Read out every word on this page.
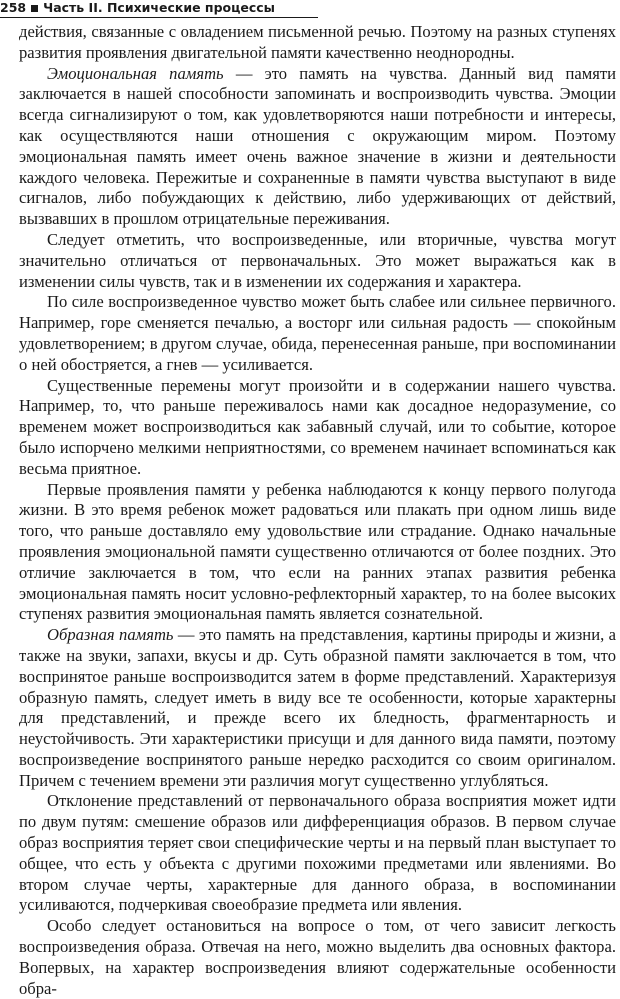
258 Часть II. Психические процессы

действия, связанные с овладением письменной речью. Поэтому на разных ступенях развития проявления двигательной памяти качественно неоднородны.

Эмоциональная память — это память на чувства. Данный вид памяти заключается в нашей способности запоминать и воспроизводить чувства. Эмоции всегда сигнализируют о том, как удовлетворяются наши потребности и интересы, как осуществляются наши отношения с окружающим миром. Поэтому эмоциональная память имеет очень важное значение в жизни и деятельности каждого человека. Пережитые и сохраненные в памяти чувства выступают в виде сигналов, либо побуждающих к действию, либо удерживающих от действий, вызвавших в прошлом отрицательные переживания.

Следует отметить, что воспроизведенные, или вторичные, чувства могут значительно отличаться от первоначальных. Это может выражаться как в изменении силы чувств, так и в изменении их содержания и характера.

По силе воспроизведенное чувство может быть слабее или сильнее первичного. Например, горе сменяется печалью, а восторг или сильная радость — спокойным удовлетворением; в другом случае, обида, перенесенная раньше, при воспоминании о ней обостряется, а гнев — усиливается.

Существенные перемены могут произойти и в содержании нашего чувства. Например, то, что раньше переживалось нами как досадное недоразумение, со временем может воспроизводиться как забавный случай, или то событие, которое было испорчено мелкими неприятностями, со временем начинает вспоминаться как весьма приятное.

Первые проявления памяти у ребенка наблюдаются к концу первого полугода жизни. В это время ребенок может радоваться или плакать при одном лишь виде того, что раньше доставляло ему удовольствие или страдание. Однако начальные проявления эмоциональной памяти существенно отличаются от более поздних. Это отличие заключается в том, что если на ранних этапах развития ребенка эмоциональная память носит условно-рефлекторный характер, то на более высоких ступенях развития эмоциональная память является сознательной.

Образная память — это память на представления, картины природы и жизни, а также на звуки, запахи, вкусы и др. Суть образной памяти заключается в том, что воспринятое раньше воспроизводится затем в форме представлений. Характеризуя образную память, следует иметь в виду все те особенности, которые характерны для представлений, и прежде всего их бледность, фрагментарность и неустойчивость. Эти характеристики присущи и для данного вида памяти, поэтому воспроизведение воспринятого раньше нередко расходится со своим оригиналом. Причем с течением времени эти различия могут существенно углубляться.

Отклонение представлений от первоначального образа восприятия может идти по двум путям: смешение образов или дифференциация образов. В первом случае образ восприятия теряет свои специфические черты и на первый план выступает то общее, что есть у объекта с другими похожими предметами или явлениями. Во втором случае черты, характерные для данного образа, в воспоминании усиливаются, подчеркивая своеобразие предмета или явления.

Особо следует остановиться на вопросе о том, от чего зависит легкость воспроизведения образа. Отвечая на него, можно выделить два основных фактора. Вопервых, на характер воспроизведения влияют содержательные особенности обра-
